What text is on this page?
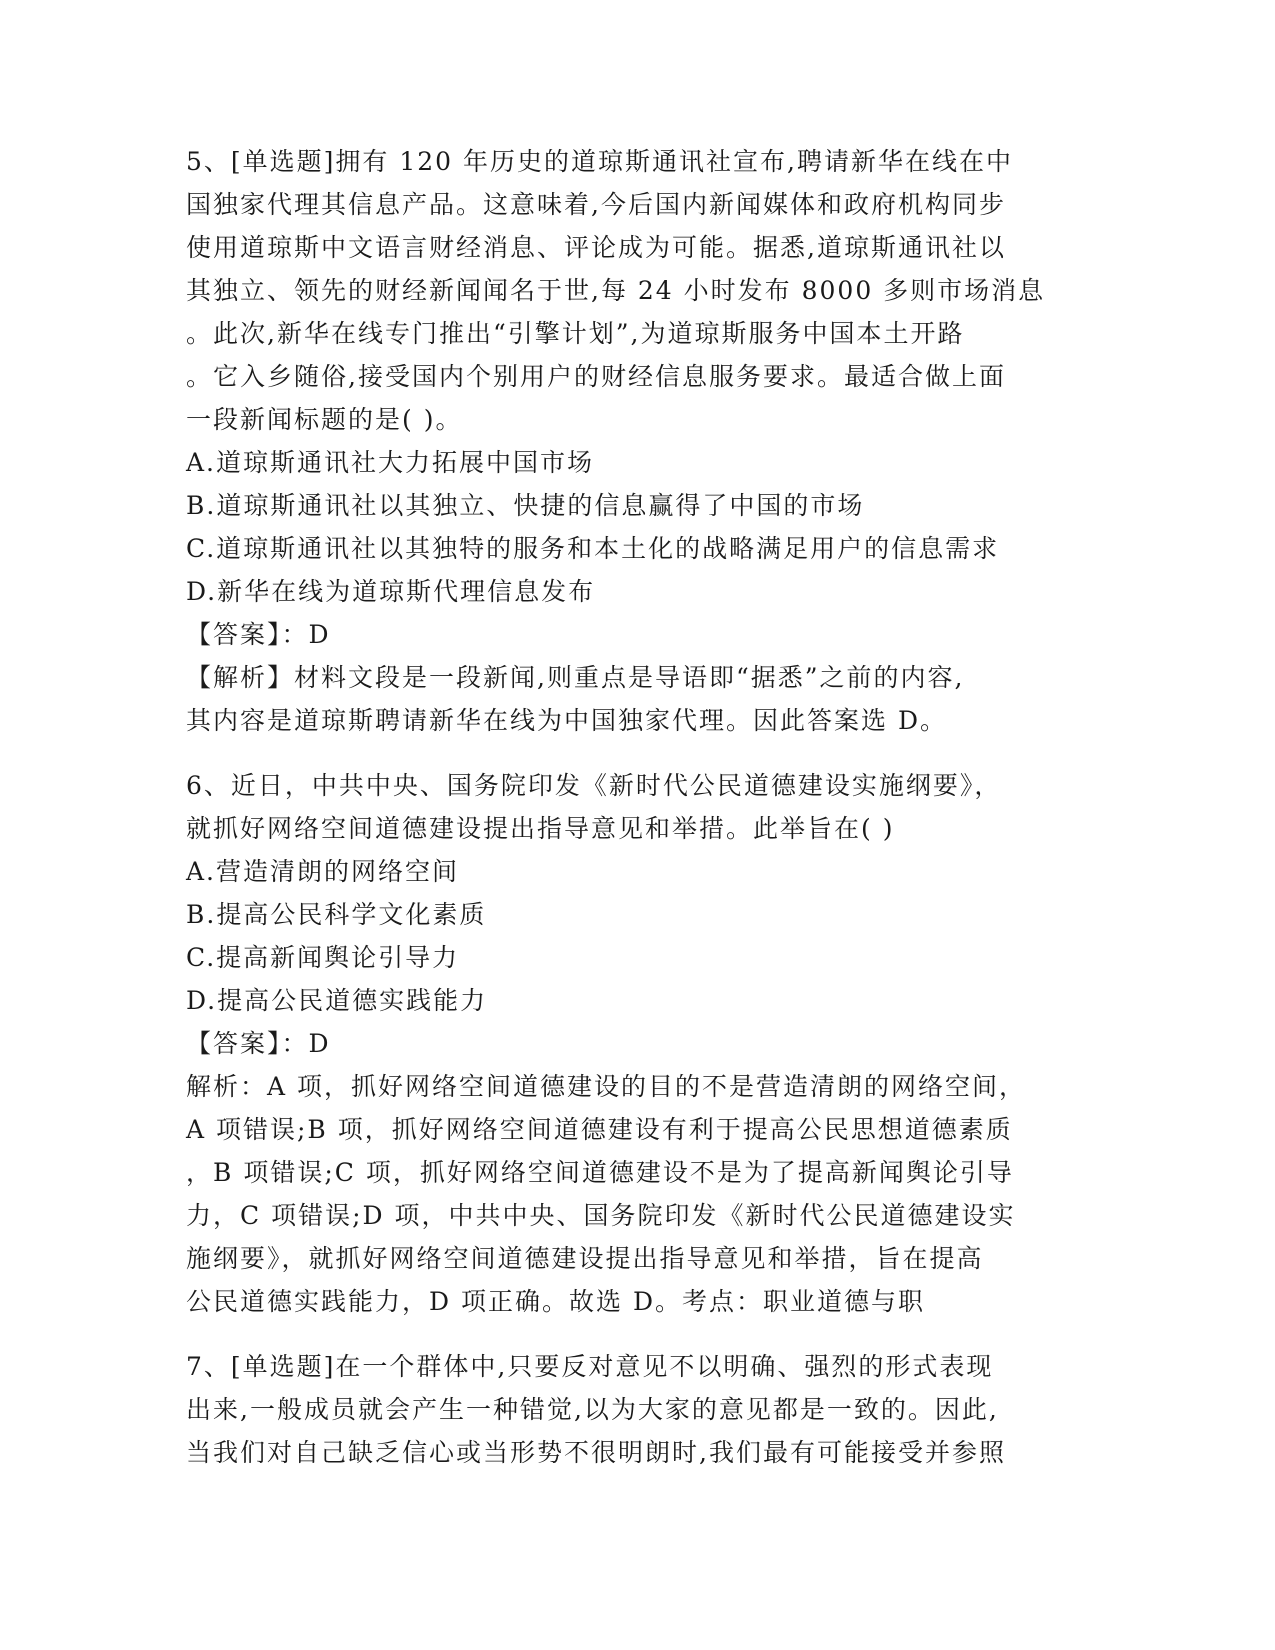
5、[单选题]拥有 120 年历史的道琼斯通讯社宣布,聘请新华在线在中
国独家代理其信息产品。这意味着,今后国内新闻媒体和政府机构同步
使用道琼斯中文语言财经消息、评论成为可能。据悉,道琼斯通讯社以
其独立、领先的财经新闻闻名于世,每 24 小时发布 8000 多则市场消息
。此次,新华在线专门推出“引擎计划”,为道琼斯服务中国本土开路
。它入乡随俗,接受国内个别用户的财经信息服务要求。最适合做上面
一段新闻标题的是( )。
A.道琼斯通讯社大力拓展中国市场
B.道琼斯通讯社以其独立、快捷的信息赢得了中国的市场
C.道琼斯通讯社以其独特的服务和本土化的战略满足用户的信息需求
D.新华在线为道琼斯代理信息发布
【答案】：D
【解析】材料文段是一段新闻,则重点是导语即“据悉”之前的内容,
其内容是道琼斯聘请新华在线为中国独家代理。因此答案选 D。
6、近日，中共中央、国务院印发《新时代公民道德建设实施纲要》，
就抓好网络空间道德建设提出指导意见和举措。此举旨在( )
A.营造清朗的网络空间
B.提高公民科学文化素质
C.提高新闻舆论引导力
D.提高公民道德实践能力
【答案】：D
解析：A 项，抓好网络空间道德建设的目的不是营造清朗的网络空间，
A 项错误;B 项，抓好网络空间道德建设有利于提高公民思想道德素质
，B 项错误;C 项，抓好网络空间道德建设不是为了提高新闻舆论引导
力，C 项错误;D 项，中共中央、国务院印发《新时代公民道德建设实
施纲要》，就抓好网络空间道德建设提出指导意见和举措，旨在提高
公民道德实践能力，D 项正确。故选 D。考点：职业道德与职
7、[单选题]在一个群体中,只要反对意见不以明确、强烈的形式表现
出来,一般成员就会产生一种错觉,以为大家的意见都是一致的。因此,
当我们对自己缺乏信心或当形势不很明朗时,我们最有可能接受并参照
